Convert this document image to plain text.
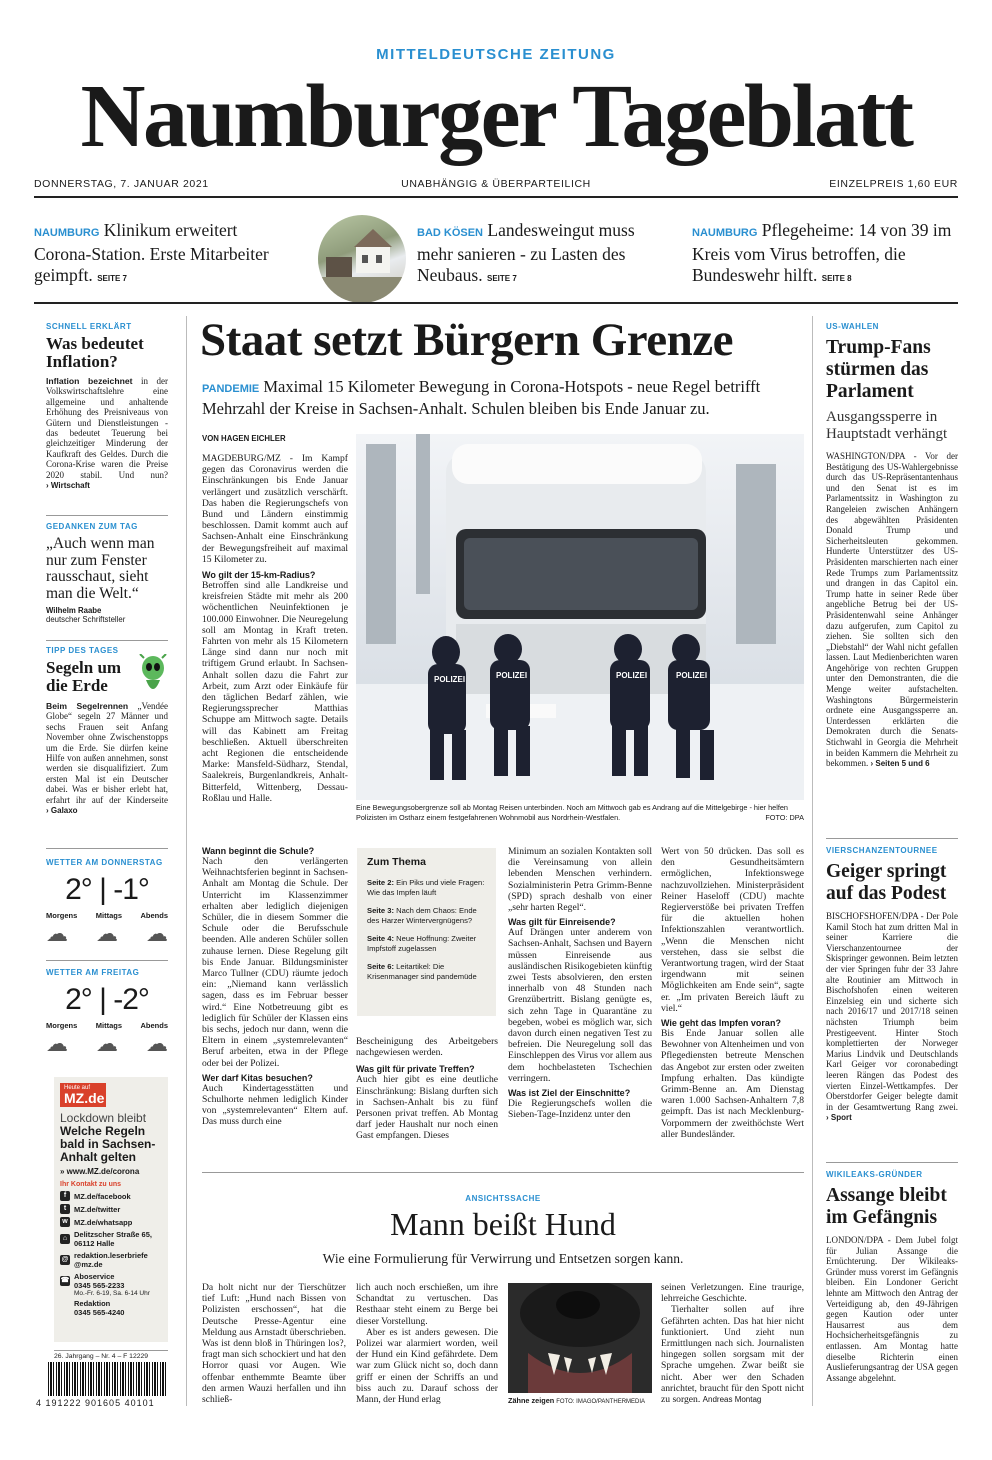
MITTELDEUTSCHE ZEITUNG
Naumburger Tageblatt
DONNERSTAG, 7. JANUAR 2021	UNABHÄNGIG & ÜBERPARTEILICH	EINZELPREIS 1,60 EUR
NAUMBURG Klinikum erweitert Corona-Station. Erste Mitarbeiter geimpft. SEITE 7
BAD KÖSEN Landesweingut muss mehr sanieren - zu Lasten des Neubaus. SEITE 7
NAUMBURG Pflegeheime: 14 von 39 im Kreis vom Virus betroffen, die Bundeswehr hilft. SEITE 8
SCHNELL ERKLÄRT
Was bedeutet Inflation?
Inflation bezeichnet in der Volkswirtschaftslehre eine allgemeine und anhaltende Erhöhung des Preisniveaus von Gütern und Dienstleistungen - das bedeutet Teuerung bei gleichzeitiger Minderung der Kaufkraft des Geldes. Durch die Corona-Krise waren die Preise 2020 stabil. Und nun? › Wirtschaft
GEDANKEN ZUM TAG
„Auch wenn man nur zum Fenster rausschaut, sieht man die Welt.“
Wilhelm Raabe
deutscher Schriftsteller
TIPP DES TAGES
Segeln um die Erde
Beim Segelrennen „Vendée Globe“ segeln 27 Männer und sechs Frauen seit Anfang November ohne Zwischenstopps um die Erde. Sie dürfen keine Hilfe von außen annehmen, sonst werden sie disqualifiziert. Zum ersten Mal ist ein Deutscher dabei. Was er bisher erlebt hat, erfahrt ihr auf der Kinderseite › Galaxo
WETTER AM DONNERSTAG
2° | -1°
Morgens Mittags Abends
☁ ☁ ☁
WETTER AM FREITAG
2° | -2°
Morgens Mittags Abends
☁ ☁ ☁
Heute auf
MZ.de
Lockdown bleibt
Welche Regeln bald in Sachsen-Anhalt gelten
» www.MZ.de/corona
Ihr Kontakt zu uns
f	MZ.de/facebook
t	MZ.de/twitter
w MZ.de/whatsapp
⌂ Delitzscher Straße 65, 06112 Halle
@ redaktion.leserbriefe @mz.de
☎ Aboservice
0345 565-2233
Mo.-Fr. 6-19, Sa. 6-14 Uhr
Redaktion
0345 565-4240
26. Jahrgang – Nr. 4 – F 12229
4 191222 901605 40101
Staat setzt Bürgern Grenze
PANDEMIE Maximal 15 Kilometer Bewegung in Corona-Hotspots - neue Regel betrifft Mehrzahl der Kreise in Sachsen-Anhalt. Schulen bleiben bis Ende Januar zu.
VON HAGEN EICHLER
MAGDEBURG/MZ - Im Kampf gegen das Coronavirus werden die Einschränkungen bis Ende Januar verlängert und zusätzlich verschärft. Das haben die Regierungschefs von Bund und Ländern einstimmig beschlossen. Damit kommt auch auf Sachsen-Anhalt eine Einschränkung der Bewegungsfreiheit auf maximal 15 Kilometer zu.
Wo gilt der 15-km-Radius?
Betroffen sind alle Landkreise und kreisfreien Städte mit mehr als 200 wöchentlichen Neuinfektionen je 100.000 Einwohner. Die Neuregelung soll am Montag in Kraft treten. Fahrten von mehr als 15 Kilometern Länge sind dann nur noch mit triftigem Grund erlaubt. In Sachsen-Anhalt sollen dazu die Fahrt zur Arbeit, zum Arzt oder Einkäufe für den täglichen Bedarf zählen, wie Regierungssprecher Matthias Schuppe am Mittwoch sagte. Details will das Kabinett am Freitag beschließen. Aktuell überschreiten acht Regionen die entscheidende Marke: Mansfeld-Südharz, Stendal, Saalekreis, Burgenlandkreis, Anhalt-Bitterfeld, Wittenberg, Dessau-Roßlau und Halle.
POLIZEI	POLIZEI	POLIZEI	POLIZEI
Eine Bewegungsobergrenze soll ab Montag Reisen unterbinden. Noch am Mittwoch gab es Andrang auf die Mittelgebirge - hier helfen Polizisten im Ostharz einem festgefahrenen Wohnmobil aus Nordrhein-Westfalen.	FOTO: DPA
Wann beginnt die Schule?
Nach den verlängerten Weihnachtsferien beginnt in Sachsen-Anhalt am Montag die Schule. Der Unterricht im Klassenzimmer erhalten aber lediglich diejenigen Schüler, die in diesem Sommer die Schule oder die Berufsschule beenden. Alle anderen Schüler sollen zuhause lernen. Diese Regelung gilt bis Ende Januar. Bildungsminister Marco Tullner (CDU) räumte jedoch ein: „Niemand kann verlässlich sagen, dass es im Februar besser wird.“ Eine Notbetreuung gibt es lediglich für Schüler der Klassen eins bis sechs, jedoch nur dann, wenn die Eltern in einem „systemrelevanten“ Beruf arbeiten, etwa in der Pflege oder bei der Polizei.
Wer darf Kitas besuchen?
Auch Kindertagesstätten und Schulhorte nehmen lediglich Kinder von „systemrelevanten“ Eltern auf. Das muss durch eine
Zum Thema
Seite 2: Ein Piks und viele Fragen: Wie das Impfen läuft
Seite 3: Nach dem Chaos: Ende des Harzer Wintervergnügens?
Seite 4: Neue Hoffnung: Zweiter Impfstoff zugelassen
Seite 6: Leitartikel: Die Krisenmanager sind pandemüde
Bescheinigung des Arbeitgebers nachgewiesen werden.
Was gilt für private Treffen?
Auch hier gibt es eine deutliche Einschränkung: Bislang durften sich in Sachsen-Anhalt bis zu fünf Personen privat treffen. Ab Montag darf jeder Haushalt nur noch einen Gast empfangen. Dieses
Minimum an sozialen Kontakten soll die Vereinsamung von allein lebenden Menschen verhindern. Sozialministerin Petra Grimm-Benne (SPD) sprach deshalb von einer „sehr harten Regel“.
Was gilt für Einreisende?
Auf Drängen unter anderem von Sachsen-Anhalt, Sachsen und Bayern müssen Einreisende aus ausländischen Risikogebieten künftig zwei Tests absolvieren, den ersten innerhalb von 48 Stunden nach Grenzübertritt. Bislang genügte es, sich zehn Tage in Quarantäne zu begeben, wobei es möglich war, sich davon durch einen negativen Test zu befreien. Die Neuregelung soll das Einschleppen des Virus vor allem aus dem hochbelasteten Tschechien verringern.
Was ist Ziel der Einschnitte?
Die Regierungschefs wollen die Sieben-Tage-Inzidenz unter den
Wert von 50 drücken. Das soll es den Gesundheitsämtern ermöglichen, Infektionswege nachzuvollziehen. Ministerpräsident Reiner Haseloff (CDU) machte Regierverstöße bei privaten Treffen für die aktuellen hohen Infektionszahlen verantwortlich. „Wenn die Menschen nicht verstehen, dass sie selbst die Verantwortung tragen, wird der Staat irgendwann mit seinen Möglichkeiten am Ende sein“, sagte er. „Im privaten Bereich läuft zu viel.“
Wie geht das Impfen voran?
Bis Ende Januar sollen alle Bewohner von Altenheimen und von Pflegediensten betreute Menschen das Angebot zur ersten oder zweiten Impfung erhalten. Das kündigte Grimm-Benne an. Am Dienstag waren 1.000 Sachsen-Anhaltern 7,8 geimpft. Das ist nach Mecklenburg-Vorpommern der zweithöchste Wert aller Bundesländer.
ANSICHTSSACHE
Mann beißt Hund
Wie eine Formulierung für Verwirrung und Entsetzen sorgen kann.
Da holt nicht nur der Tierschützer tief Luft: „Hund nach Bissen von Polizisten erschossen“, hat die Deutsche Presse-Agentur eine Meldung aus Arnstadt überschrieben. Was ist denn bloß in Thüringen los?, fragt man sich schockiert und hat den Horror quasi vor Augen. Wie offenbar enthemmte Beamte über den armen Wauzi herfallen und ihn schließ-
lich auch noch erschießen, um ihre Schandtat zu vertuschen. Das Resthaar steht einem zu Berge bei dieser Vorstellung.
Aber es ist anders gewesen. Die Polizei war alarmiert worden, weil der Hund ein Kind gefährdete. Dem war zum Glück nicht so, doch dann griff er einen der Schriffs an und biss auch zu. Darauf schoss der Mann, der Hund erlag	Zähne zeigen FOTO: IMAGO/PANTHERMEDIA
seinen Verletzungen. Eine traurige, lehrreiche Geschichte.
Tierhalter sollen auf ihre Gefährten achten. Das hat hier nicht funktioniert. Und zieht nun Ermittlungen nach sich. Journalisten hingegen sollen sorgsam mit der Sprache umgehen. Zwar beißt sie nicht. Aber wer den Schaden anrichtet, braucht für den Spott nicht zu sorgen. Andreas Montag
US-WAHLEN
Trump-Fans stürmen das Parlament
Ausgangssperre in Hauptstadt verhängt
WASHINGTON/DPA - Vor der Bestätigung des US-Wahlergebnisse durch das US-Repräsentantenhaus und den Senat ist es im Parlamentssitz in Washington zu Rangeleien zwischen Anhängern des abgewählten Präsidenten Donald Trump und Sicherheitsleuten gekommen. Hunderte Unterstützer des US-Präsidenten marschierten nach einer Rede Trumps zum Parlamentssitz und drangen in das Capitol ein. Trump hatte in seiner Rede über angebliche Betrug bei der US-Präsidentenwahl seine Anhänger dazu aufgerufen, zum Capitol zu ziehen. Sie sollten sich den „Diebstahl“ der Wahl nicht gefallen lassen. Laut Medienberichten waren Angehörige von rechten Gruppen unter den Demonstranten, die die Menge weiter aufstachelten. Washingtons Bürgermeisterin ordnete eine Ausgangssperre an. Unterdessen erklärten die Demokraten durch die Senats-Stichwahl in Georgia die Mehrheit in beiden Kammern die Mehrheit zu bekommen. › Seiten 5 und 6
VIERSCHANZENTOURNEE
Geiger springt auf das Podest
BISCHOFSHOFEN/DPA - Der Pole Kamil Stoch hat zum dritten Mal in seiner Karriere die Vierschanzentournee der Skispringer gewonnen. Beim letzten der vier Springen fuhr der 33 Jahre alte Routinier am Mittwoch in Bischofshofen einen weiteren Einzelsieg ein und sicherte sich nach 2016/17 und 2017/18 seinen nächsten Triumph beim Prestigeevent. Hinter Stoch komplettierten der Norweger Marius Lindvik und Deutschlands Karl Geiger vor coronabedingt leeren Rängen das Podest des vierten Einzel-Wettkampfes. Der Oberstdorfer Geiger belegte damit in der Gesamtwertung Rang zwei. › Sport
WIKILEAKS-GRÜNDER
Assange bleibt im Gefängnis
LONDON/DPA - Dem Jubel folgt für Julian Assange die Ernüchterung. Der Wikileaks-Gründer muss vorerst im Gefängnis bleiben. Ein Londoner Gericht lehnte am Mittwoch den Antrag der Verteidigung ab, den 49-Jährigen gegen Kaution oder unter Hausarrest aus dem Hochsicherheitsgefängnis zu entlassen. Am Montag hatte dieselbe Richterin einen Auslieferungsantrag der USA gegen Assange abgelehnt.
